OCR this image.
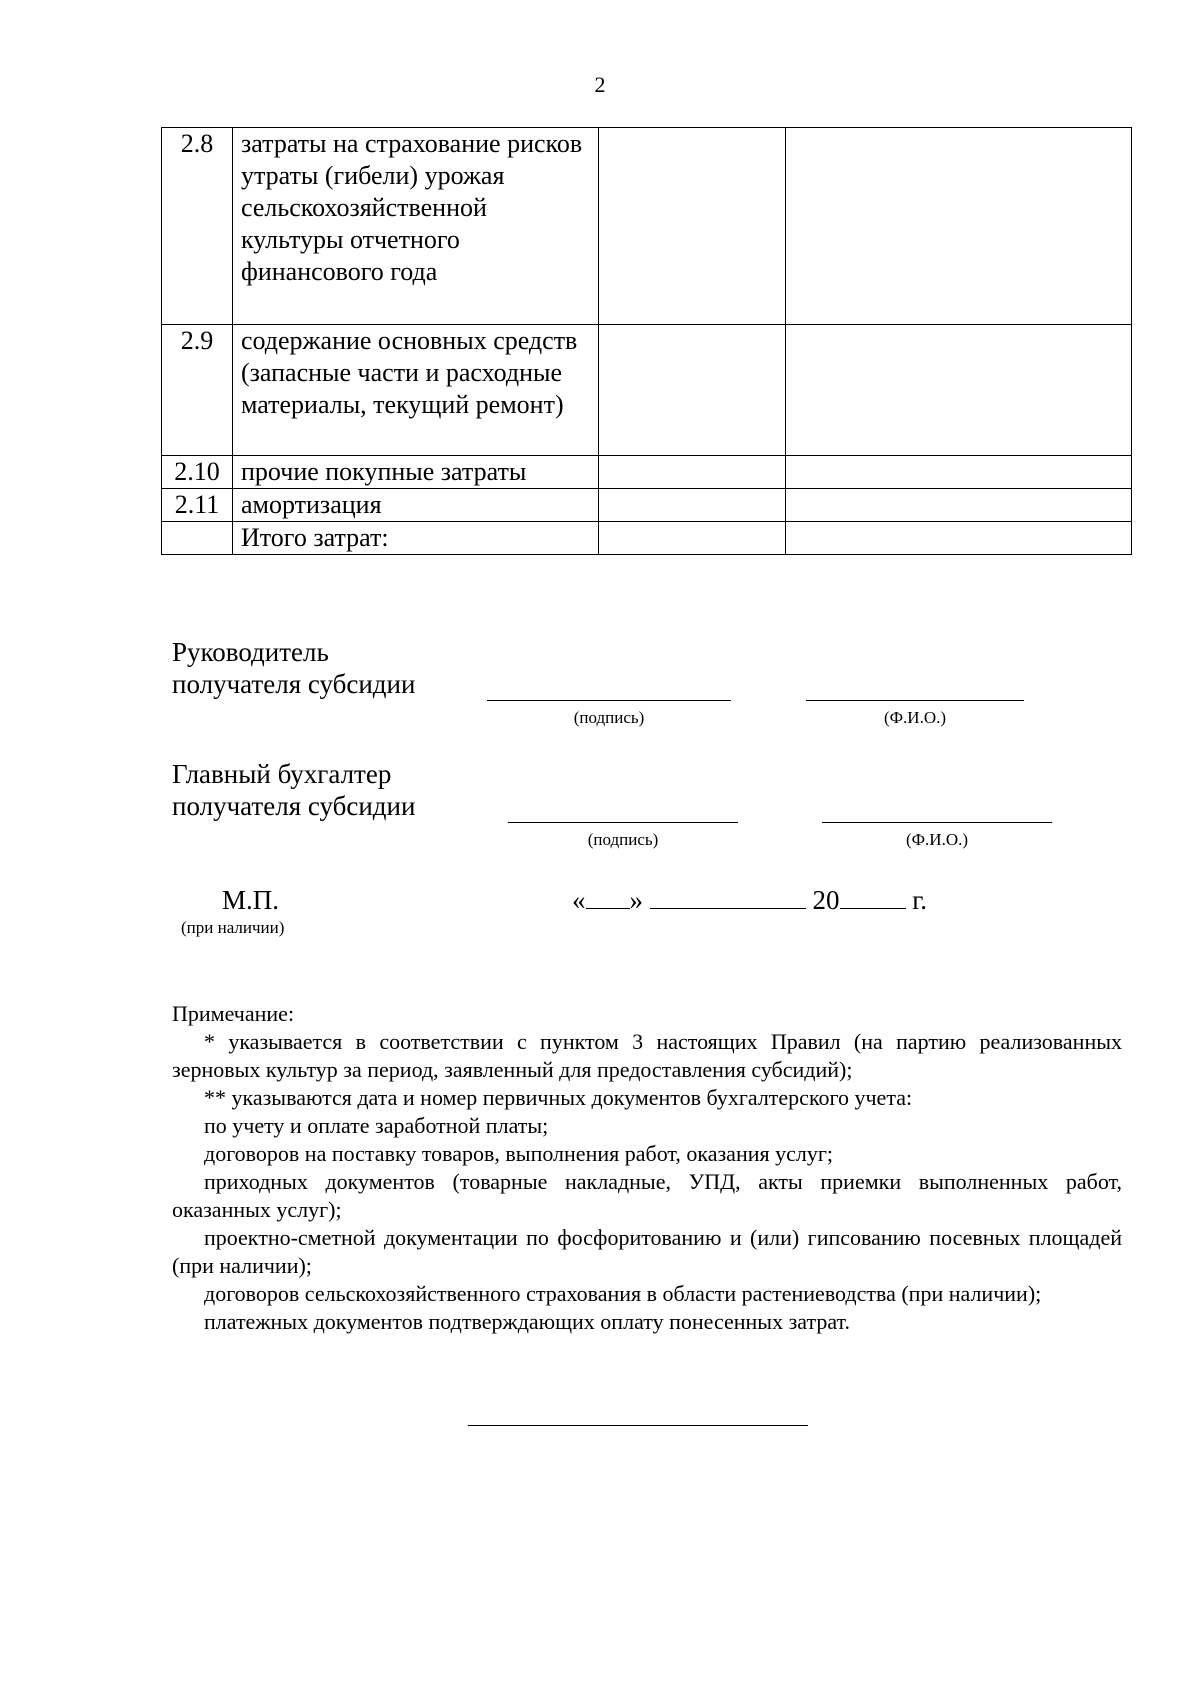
2
2.8	затраты на страхование рисков утраты (гибели) урожая сельскохозяйственной культуры отчетного финансового года		
2.9	содержание основных средств (запасные части и расходные материалы, текущий ремонт)		
2.10	прочие покупные затраты		
2.11	амортизация		
	Итого затрат:		
Руководитель
получателя субсидии
(подпись)	(Ф.И.О.)
Главный бухгалтер
получателя субсидии
(подпись)	(Ф.И.О.)
М.П.
(при наличии)
« »	20	г.

Примечание:

* указывается в соответствии с пунктом 3 настоящих Правил (на партию реализованных зерновых культур за период, заявленный для предоставления субсидий);

** указываются дата и номер первичных документов бухгалтерского учета:

по учету и оплате заработной платы;

договоров на поставку товаров, выполнения работ, оказания услуг;

приходных документов (товарные накладные, УПД, акты приемки выполненных работ, оказанных услуг);

проектно-сметной документации по фосфоритованию и (или) гипсованию посевных площадей (при наличии);

договоров сельскохозяйственного страхования в области растениеводства (при наличии);

платежных документов подтверждающих оплату понесенных затрат.
